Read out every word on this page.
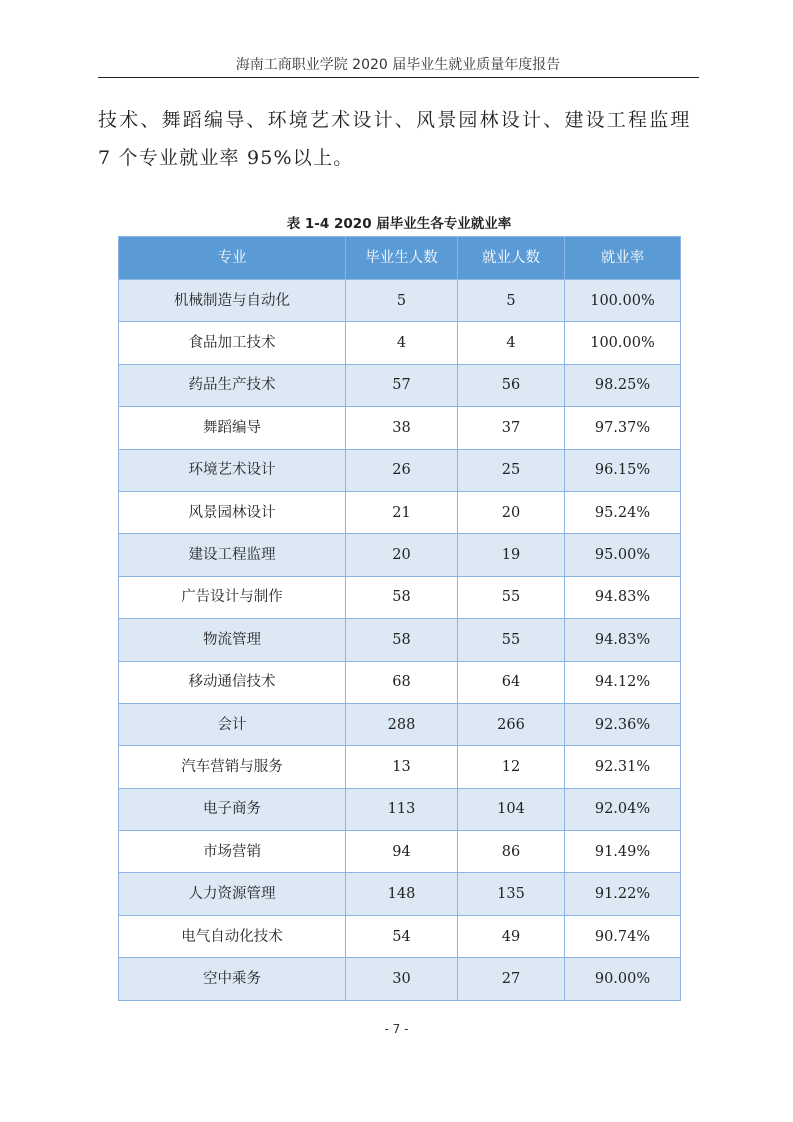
海南工商职业学院 2020 届毕业生就业质量年度报告
技术、舞蹈编导、环境艺术设计、风景园林设计、建设工程监理
7 个专业就业率 95%以上。
表 1-4 2020 届毕业生各专业就业率
专业	毕业生人数	就业人数	就业率
机械制造与自动化	5	5	100.00%
食品加工技术	4	4	100.00%
药品生产技术	57	56	98.25%
舞蹈编导	38	37	97.37%
环境艺术设计	26	25	96.15%
风景园林设计	21	20	95.24%
建设工程监理	20	19	95.00%
广告设计与制作	58	55	94.83%
物流管理	58	55	94.83%
移动通信技术	68	64	94.12%
会计	288	266	92.36%
汽车营销与服务	13	12	92.31%
电子商务	113	104	92.04%
市场营销	94	86	91.49%
人力资源管理	148	135	91.22%
电气自动化技术	54	49	90.74%
空中乘务	30	27	90.00%
- 7 -
